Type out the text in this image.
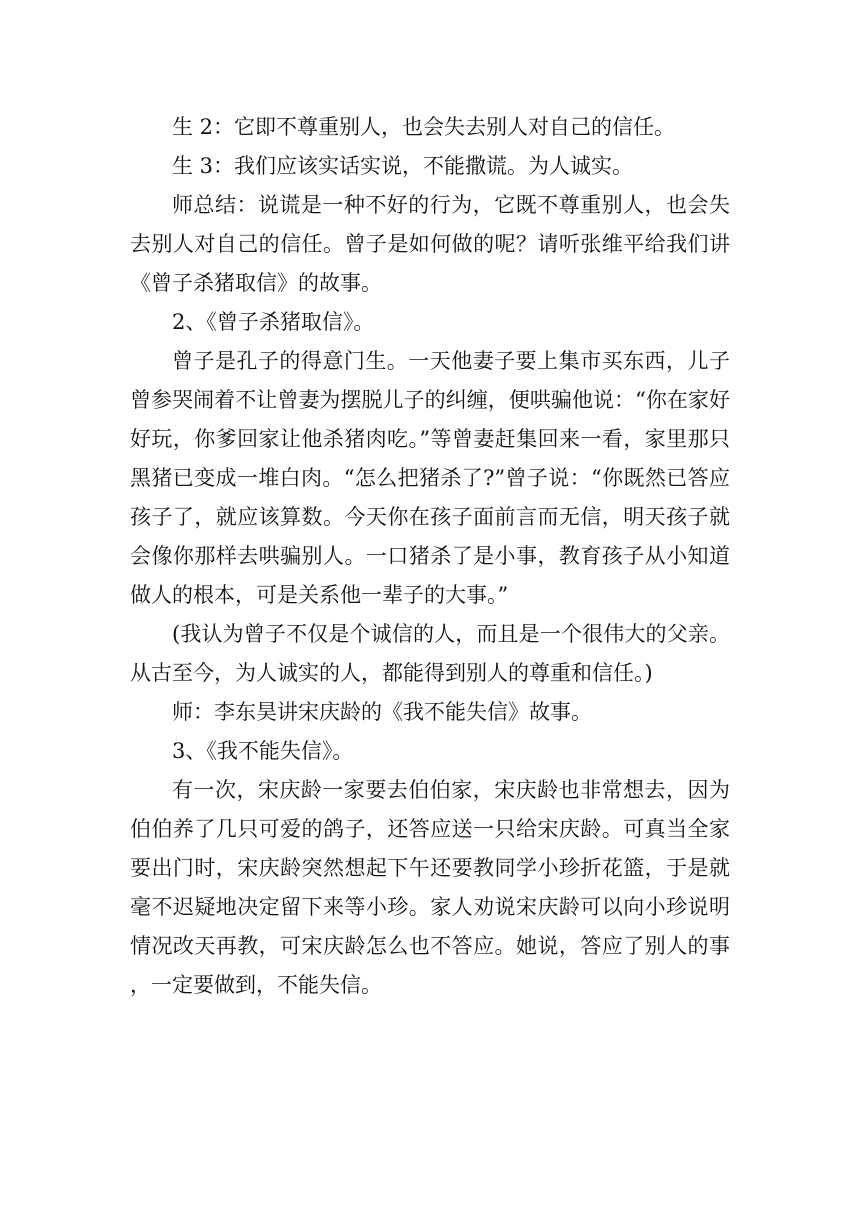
生 2：它即不尊重别人，也会失去别人对自己的信任。

生 3：我们应该实话实说，不能撒谎。为人诚实。

师总结：说谎是一种不好的行为，它既不尊重别人，也会失去别人对自己的信任。曾子是如何做的呢？请听张维平给我们讲《曾子杀猪取信》的故事。

2、《曾子杀猪取信》。

曾子是孔子的得意门生。一天他妻子要上集市买东西，儿子曾参哭闹着不让曾妻为摆脱儿子的纠缠，便哄骗他说：“你在家好好玩，你爹回家让他杀猪肉吃。”等曾妻赶集回来一看，家里那只黑猪已变成一堆白肉。“怎么把猪杀了?”曾子说：“你既然已答应孩子了，就应该算数。今天你在孩子面前言而无信，明天孩子就会像你那样去哄骗别人。一口猪杀了是小事，教育孩子从小知道做人的根本，可是关系他一辈子的大事。”

(我认为曾子不仅是个诚信的人，而且是一个很伟大的父亲。从古至今，为人诚实的人，都能得到别人的尊重和信任。)

师：李东昊讲宋庆龄的《我不能失信》故事。

3、《我不能失信》。

有一次，宋庆龄一家要去伯伯家，宋庆龄也非常想去，因为伯伯养了几只可爱的鸽子，还答应送一只给宋庆龄。可真当全家要出门时，宋庆龄突然想起下午还要教同学小珍折花篮，于是就毫不迟疑地决定留下来等小珍。家人劝说宋庆龄可以向小珍说明情况改天再教，可宋庆龄怎么也不答应。她说，答应了别人的事，一定要做到，不能失信。
